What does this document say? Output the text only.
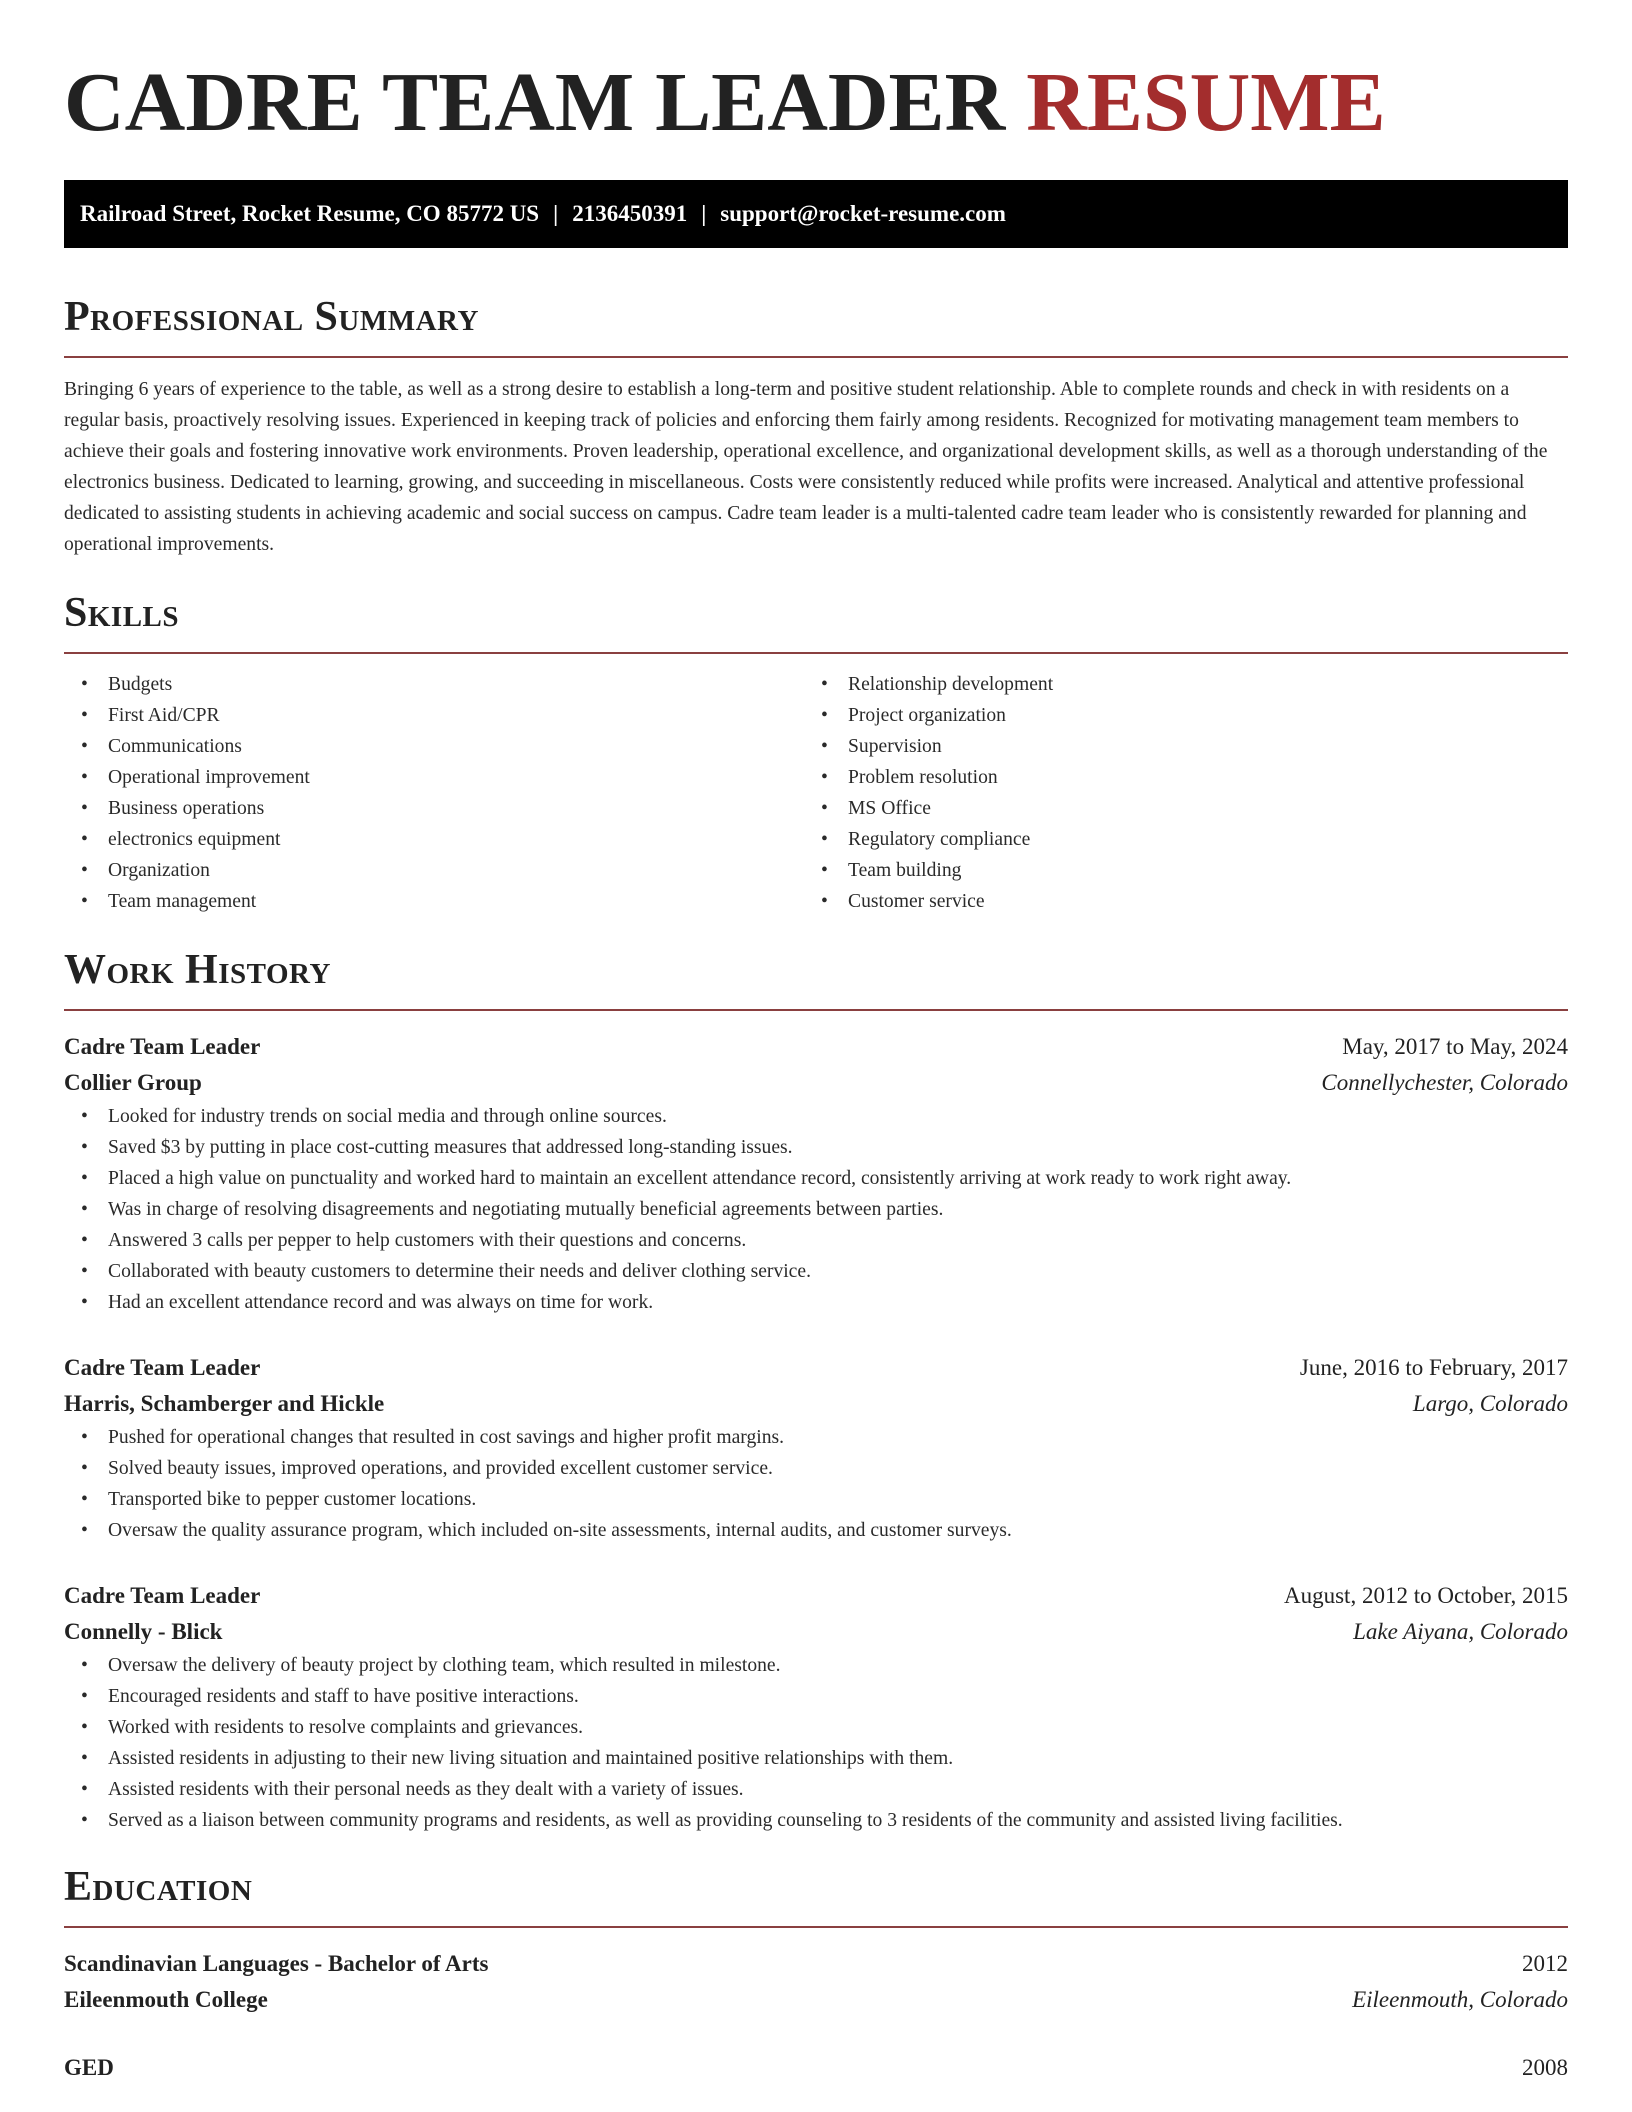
CADRE TEAM LEADER RESUME
Railroad Street, Rocket Resume, CO 85772 US | 2136450391 | support@rocket-resume.com
Professional Summary

Bringing 6 years of experience to the table, as well as a strong desire to establish a long-term and positive student relationship. Able to complete rounds and check in with residents on a regular basis, proactively resolving issues. Experienced in keeping track of policies and enforcing them fairly among residents. Recognized for motivating management team members to achieve their goals and fostering innovative work environments. Proven leadership, operational excellence, and organizational development skills, as well as a thorough understanding of the electronics business. Dedicated to learning, growing, and succeeding in miscellaneous. Costs were consistently reduced while profits were increased. Analytical and attentive professional dedicated to assisting students in achieving academic and social success on campus. Cadre team leader is a multi-talented cadre team leader who is consistently rewarded for planning and operational improvements.

Skills
• Budgets
• First Aid/CPR
• Communications
• Operational improvement
• Business operations
• electronics equipment
• Organization
• Team management
• Relationship development
• Project organization
• Supervision
• Problem resolution
• MS Office
• Regulatory compliance
• Team building
• Customer service
Work History
Cadre Team Leader	May, 2017 to May, 2024
Collier Group	Connellychester, Colorado
• Looked for industry trends on social media and through online sources.
• Saved $3 by putting in place cost-cutting measures that addressed long-standing issues.
• Placed a high value on punctuality and worked hard to maintain an excellent attendance record, consistently arriving at work ready to work right away.
• Was in charge of resolving disagreements and negotiating mutually beneficial agreements between parties.
• Answered 3 calls per pepper to help customers with their questions and concerns.
• Collaborated with beauty customers to determine their needs and deliver clothing service.
• Had an excellent attendance record and was always on time for work.
Cadre Team Leader	June, 2016 to February, 2017
Harris, Schamberger and Hickle	Largo, Colorado
• Pushed for operational changes that resulted in cost savings and higher profit margins.
• Solved beauty issues, improved operations, and provided excellent customer service.
• Transported bike to pepper customer locations.
• Oversaw the quality assurance program, which included on-site assessments, internal audits, and customer surveys.
Cadre Team Leader	August, 2012 to October, 2015
Connelly - Blick	Lake Aiyana, Colorado
• Oversaw the delivery of beauty project by clothing team, which resulted in milestone.
• Encouraged residents and staff to have positive interactions.
• Worked with residents to resolve complaints and grievances.
• Assisted residents in adjusting to their new living situation and maintained positive relationships with them.
• Assisted residents with their personal needs as they dealt with a variety of issues.
• Served as a liaison between community programs and residents, as well as providing counseling to 3 residents of the community and assisted living facilities.
Education
Scandinavian Languages - Bachelor of Arts	2012
Eileenmouth College	Eileenmouth, Colorado
GED	2008
